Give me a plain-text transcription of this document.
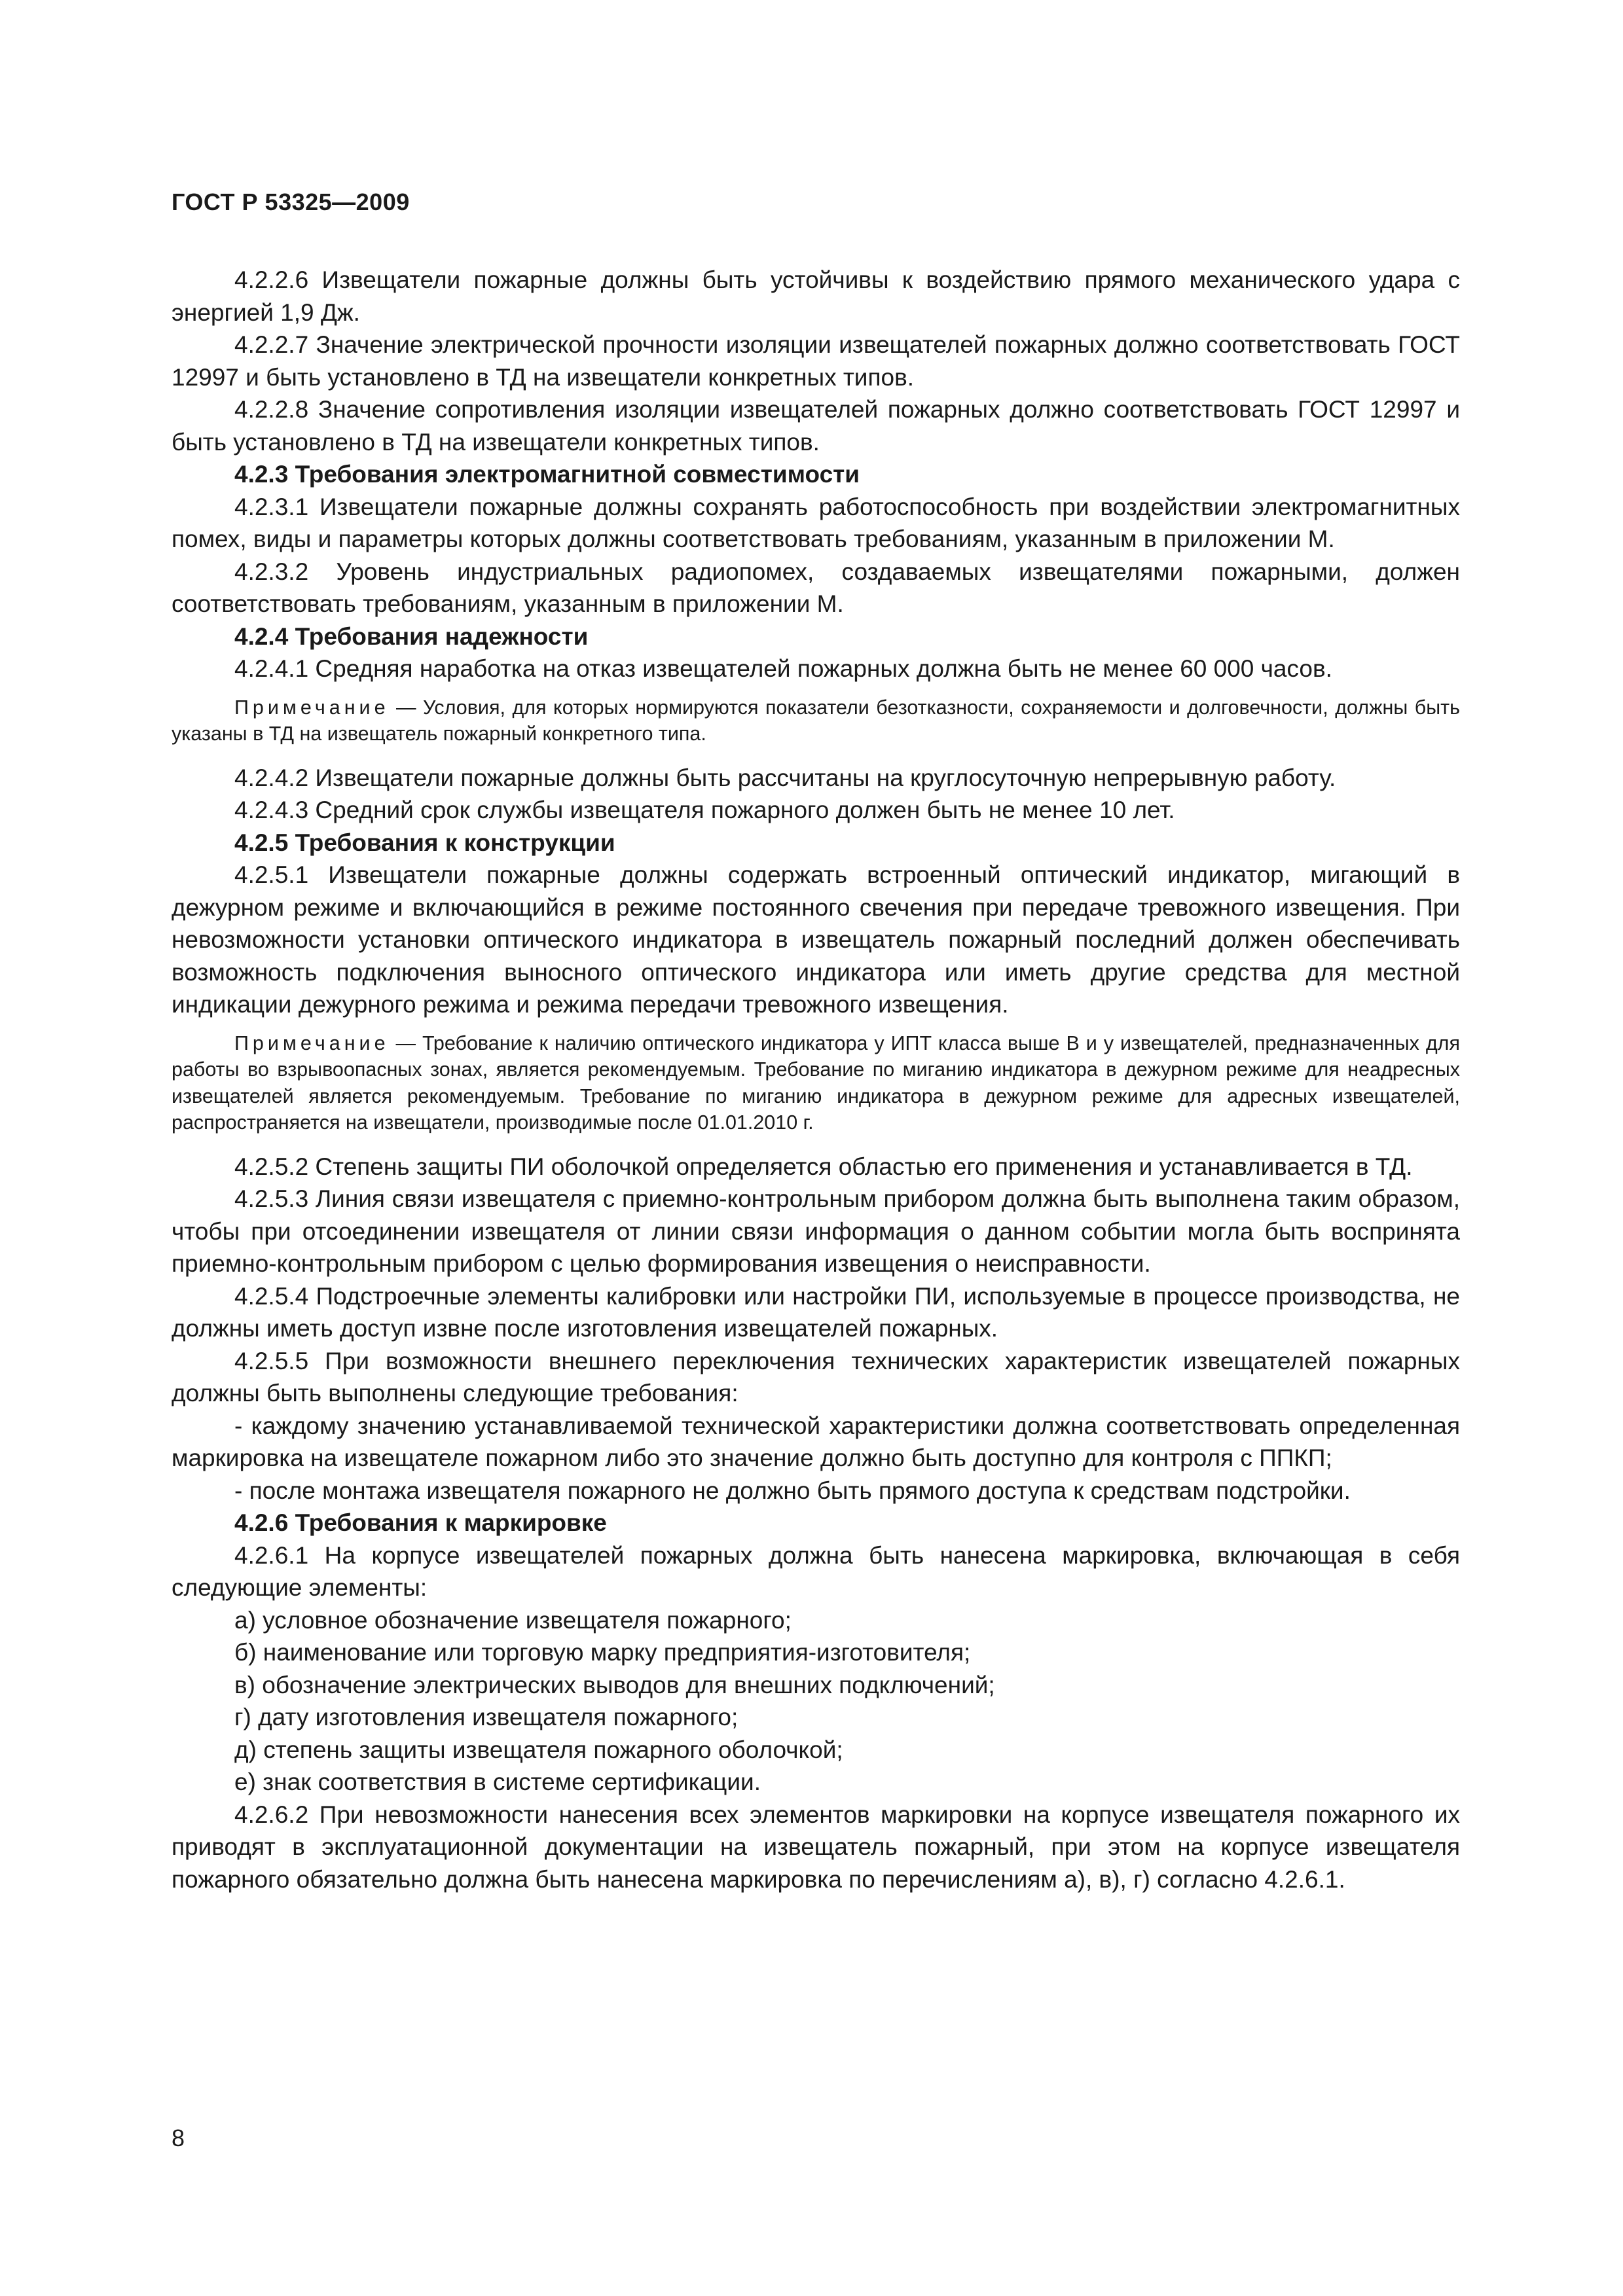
ГОСТ Р 53325—2009

4.2.2.6 Извещатели пожарные должны быть устойчивы к воздействию прямого механического удара с энергией 1,9 Дж.

4.2.2.7 Значение электрической прочности изоляции извещателей пожарных должно соответствовать ГОСТ 12997 и быть установлено в ТД на извещатели конкретных типов.

4.2.2.8 Значение сопротивления изоляции извещателей пожарных должно соответствовать ГОСТ 12997 и быть установлено в ТД на извещатели конкретных типов.

4.2.3 Требования электромагнитной совместимости

4.2.3.1 Извещатели пожарные должны сохранять работоспособность при воздействии электромагнитных помех, виды и параметры которых должны соответствовать требованиям, указанным в приложении М.

4.2.3.2 Уровень индустриальных радиопомех, создаваемых извещателями пожарными, должен соответствовать требованиям, указанным в приложении М.

4.2.4 Требования надежности

4.2.4.1 Средняя наработка на отказ извещателей пожарных должна быть не менее 60 000 часов.

Примечание — Условия, для которых нормируются показатели безотказности, сохраняемости и долговечности, должны быть указаны в ТД на извещатель пожарный конкретного типа.

4.2.4.2 Извещатели пожарные должны быть рассчитаны на круглосуточную непрерывную работу.

4.2.4.3 Средний срок службы извещателя пожарного должен быть не менее 10 лет.

4.2.5 Требования к конструкции

4.2.5.1 Извещатели пожарные должны содержать встроенный оптический индикатор, мигающий в дежурном режиме и включающийся в режиме постоянного свечения при передаче тревожного извещения. При невозможности установки оптического индикатора в извещатель пожарный последний должен обеспечивать возможность подключения выносного оптического индикатора или иметь другие средства для местной индикации дежурного режима и режима передачи тревожного извещения.

Примечание — Требование к наличию оптического индикатора у ИПТ класса выше В и у извещателей, предназначенных для работы во взрывоопасных зонах, является рекомендуемым. Требование по миганию индикатора в дежурном режиме для неадресных извещателей является рекомендуемым. Требование по миганию индикатора в дежурном режиме для адресных извещателей, распространяется на извещатели, производимые после 01.01.2010 г.

4.2.5.2 Степень защиты ПИ оболочкой определяется областью его применения и устанавливается в ТД.

4.2.5.3 Линия связи извещателя с приемно-контрольным прибором должна быть выполнена таким образом, чтобы при отсоединении извещателя от линии связи информация о данном событии могла быть воспринята приемно-контрольным прибором с целью формирования извещения о неисправности.

4.2.5.4 Подстроечные элементы калибровки или настройки ПИ, используемые в процессе производства, не должны иметь доступ извне после изготовления извещателей пожарных.

4.2.5.5 При возможности внешнего переключения технических характеристик извещателей пожарных должны быть выполнены следующие требования:

- каждому значению устанавливаемой технической характеристики должна соответствовать определенная маркировка на извещателе пожарном либо это значение должно быть доступно для контроля с ППКП;

- после монтажа извещателя пожарного не должно быть прямого доступа к средствам подстройки.

4.2.6 Требования к маркировке

4.2.6.1 На корпусе извещателей пожарных должна быть нанесена маркировка, включающая в себя следующие элементы:

а) условное обозначение извещателя пожарного;

б) наименование или торговую марку предприятия-изготовителя;

в) обозначение электрических выводов для внешних подключений;

г) дату изготовления извещателя пожарного;

д) степень защиты извещателя пожарного оболочкой;

е) знак соответствия в системе сертификации.

4.2.6.2 При невозможности нанесения всех элементов маркировки на корпусе извещателя пожарного их приводят в эксплуатационной документации на извещатель пожарный, при этом на корпусе извещателя пожарного обязательно должна быть нанесена маркировка по перечислениям а), в), г) согласно 4.2.6.1.

8
